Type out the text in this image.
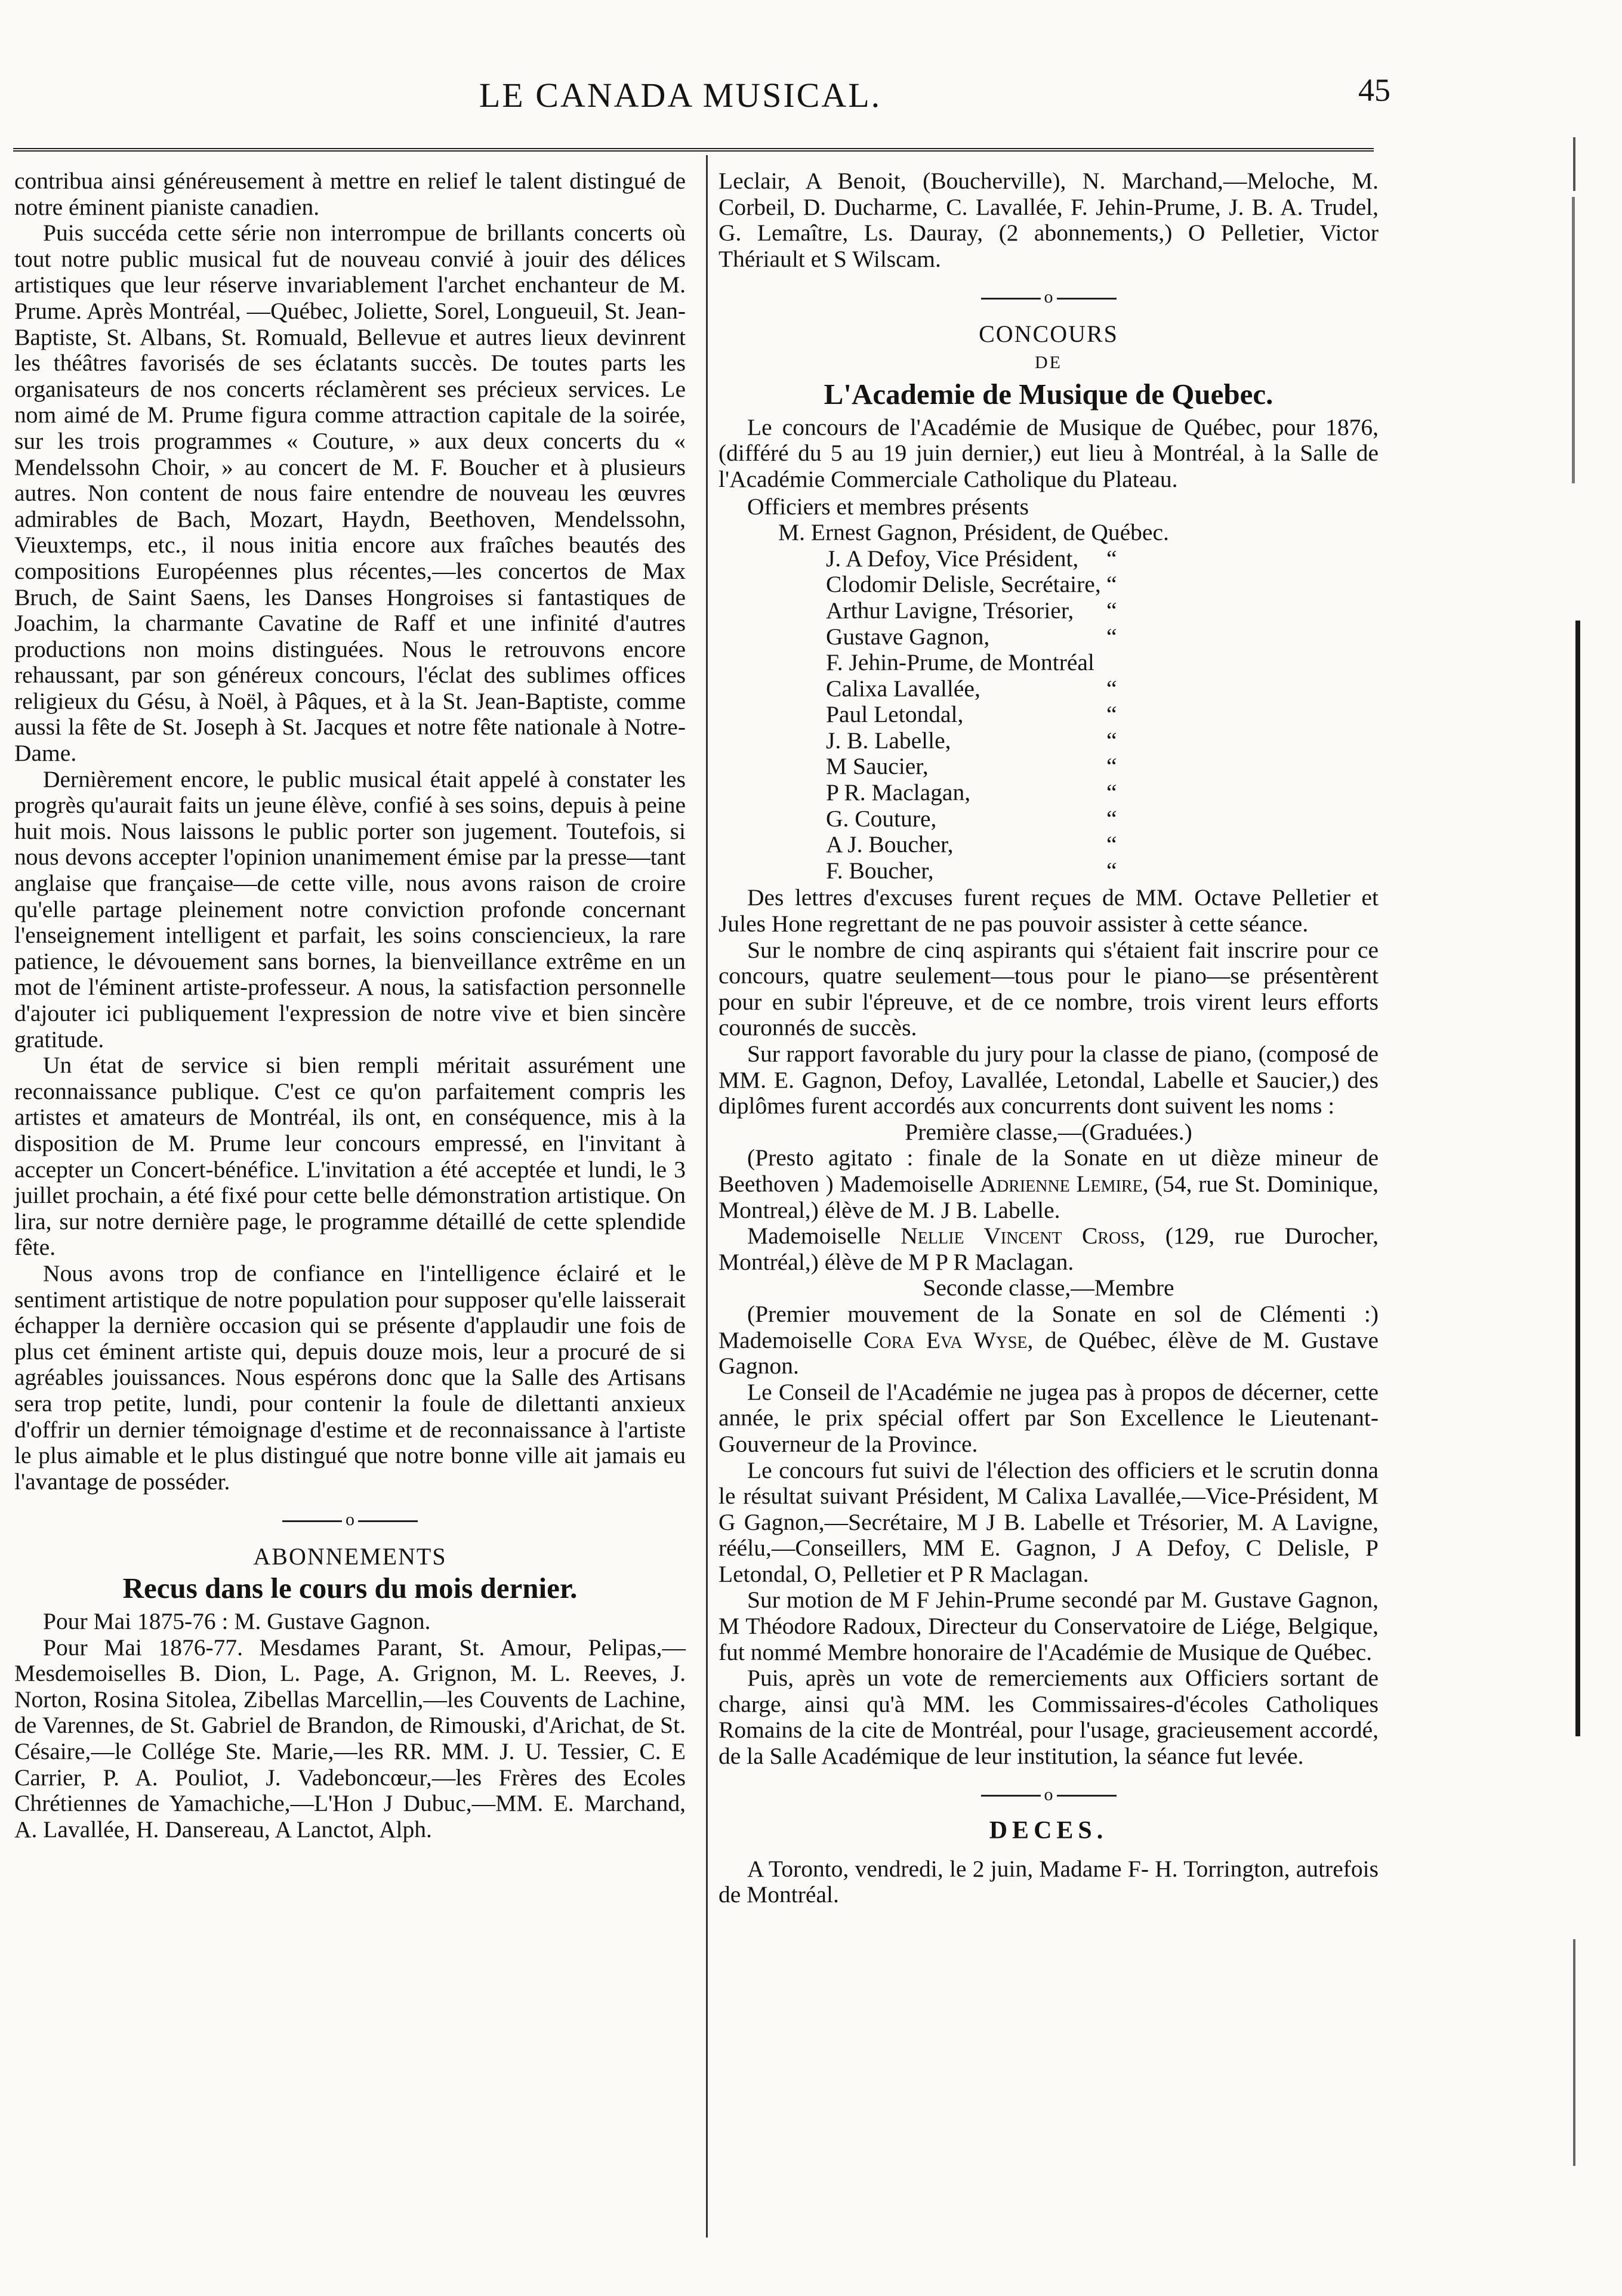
LE CANADA MUSICAL.	45

contribua ainsi généreusement à mettre en relief le talent distingué de notre éminent pianiste canadien.

Puis succéda cette série non interrompue de brillants concerts où tout notre public musical fut de nouveau convié à jouir des délices artistiques que leur réserve invariablement l'archet enchanteur de M. Prume. Après Montréal, —Québec, Joliette, Sorel, Longueuil, St. Jean-Baptiste, St. Albans, St. Romuald, Bellevue et autres lieux devinrent les théâtres favorisés de ses éclatants succès. De toutes parts les organisateurs de nos concerts réclamèrent ses précieux services. Le nom aimé de M. Prume figura comme attraction capitale de la soirée, sur les trois programmes « Couture, » aux deux concerts du « Mendelssohn Choir, » au concert de M. F. Boucher et à plusieurs autres. Non content de nous faire entendre de nouveau les œuvres admirables de Bach, Mozart, Haydn, Beethoven, Mendelssohn, Vieuxtemps, etc., il nous initia encore aux fraîches beautés des compositions Européennes plus récentes,—les concertos de Max Bruch, de Saint Saens, les Danses Hongroises si fantastiques de Joachim, la charmante Cavatine de Raff et une infinité d'autres productions non moins distinguées. Nous le retrouvons encore rehaussant, par son généreux concours, l'éclat des sublimes offices religieux du Gésu, à Noël, à Pâques, et à la St. Jean-Baptiste, comme aussi la fête de St. Joseph à St. Jacques et notre fête nationale à Notre-Dame.

Dernièrement encore, le public musical était appelé à constater les progrès qu'aurait faits un jeune élève, confié à ses soins, depuis à peine huit mois. Nous laissons le public porter son jugement. Toutefois, si nous devons accepter l'opinion unanimement émise par la presse—tant anglaise que française—de cette ville, nous avons raison de croire qu'elle partage pleinement notre conviction profonde concernant l'enseignement intelligent et parfait, les soins consciencieux, la rare patience, le dévouement sans bornes, la bienveillance extrême en un mot de l'éminent artiste-professeur. A nous, la satisfaction personnelle d'ajouter ici publiquement l'expression de notre vive et bien sincère gratitude.

Un état de service si bien rempli méritait assurément une reconnaissance publique. C'est ce qu'on parfaitement compris les artistes et amateurs de Montréal, ils ont, en conséquence, mis à la disposition de M. Prume leur concours empressé, en l'invitant à accepter un Concert-bénéfice. L'invitation a été acceptée et lundi, le 3 juillet prochain, a été fixé pour cette belle démonstration artistique. On lira, sur notre dernière page, le programme détaillé de cette splendide fête.

Nous avons trop de confiance en l'intelligence éclairé et le sentiment artistique de notre population pour supposer qu'elle laisserait échapper la dernière occasion qui se présente d'applaudir une fois de plus cet éminent artiste qui, depuis douze mois, leur a procuré de si agréables jouissances. Nous espérons donc que la Salle des Artisans sera trop petite, lundi, pour contenir la foule de dilettanti anxieux d'offrir un dernier témoignage d'estime et de reconnaissance à l'artiste le plus aimable et le plus distingué que notre bonne ville ait jamais eu l'avantage de posséder.

o
ABONNEMENTS
Recus dans le cours du mois dernier.

Pour Mai 1875-76 : M. Gustave Gagnon.

Pour Mai 1876-77. Mesdames Parant, St. Amour, Pelipas,—Mesdemoiselles B. Dion, L. Page, A. Grignon, M. L. Reeves, J. Norton, Rosina Sitolea, Zibellas Marcellin,—les Couvents de Lachine, de Varennes, de St. Gabriel de Brandon, de Rimouski, d'Arichat, de St. Césaire,—le Collége Ste. Marie,—les RR. MM. J. U. Tessier, C. E Carrier, P. A. Pouliot, J. Vadeboncœur,—les Frères des Ecoles Chrétiennes de Yamachiche,—L'Hon J Dubuc,—MM. E. Marchand, A. Lavallée, H. Dansereau, A Lanctot, Alph.

Leclair, A Benoit, (Boucherville), N. Marchand,—Meloche, M. Corbeil, D. Ducharme, C. Lavallée, F. Jehin-Prume, J. B. A. Trudel, G. Lemaître, Ls. Dauray, (2 abonnements,) O Pelletier, Victor Thériault et S Wilscam.

o
CONCOURS
DE
L'Academie de Musique de Quebec.

Le concours de l'Académie de Musique de Québec, pour 1876, (différé du 5 au 19 juin dernier,) eut lieu à Montréal, à la Salle de l'Académie Commerciale Catholique du Plateau.

Officiers et membres présents

M. Ernest Gagnon, Président, de Québec.
J. A Defoy, Vice Président,	“
Clodomir Delisle, Secrétaire, “
Arthur Lavigne, Trésorier,	“
Gustave Gagnon,	“
F. Jehin-Prume, de Montréal
Calixa Lavallée,	“
Paul Letondal,	“
J. B. Labelle,	“
M Saucier,	“
P R. Maclagan,	“
G. Couture,	“
A J. Boucher,	“
F. Boucher,	“

Des lettres d'excuses furent reçues de MM. Octave Pelletier et Jules Hone regrettant de ne pas pouvoir assister à cette séance.

Sur le nombre de cinq aspirants qui s'étaient fait inscrire pour ce concours, quatre seulement—tous pour le piano—se présentèrent pour en subir l'épreuve, et de ce nombre, trois virent leurs efforts couronnés de succès.

Sur rapport favorable du jury pour la classe de piano, (composé de MM. E. Gagnon, Defoy, Lavallée, Letondal, Labelle et Saucier,) des diplômes furent accordés aux concurrents dont suivent les noms :

Première classe,—(Graduées.)

(Presto agitato : finale de la Sonate en ut dièze mineur de Beethoven ) Mademoiselle Adrienne Lemire, (54, rue St. Dominique, Montreal,) élève de M. J B. Labelle.

Mademoiselle Nellie Vincent Cross, (129, rue Durocher, Montréal,) élève de M P R Maclagan.

Seconde classe,—Membre

(Premier mouvement de la Sonate en sol de Clémenti :) Mademoiselle Cora Eva Wyse, de Québec, élève de M. Gustave Gagnon.

Le Conseil de l'Académie ne jugea pas à propos de décerner, cette année, le prix spécial offert par Son Excellence le Lieutenant-Gouverneur de la Province.

Le concours fut suivi de l'élection des officiers et le scrutin donna le résultat suivant Président, M Calixa Lavallée,—Vice-Président, M G Gagnon,—Secrétaire, M J B. Labelle et Trésorier, M. A Lavigne, réélu,—Conseillers, MM E. Gagnon, J A Defoy, C Delisle, P Letondal, O, Pelletier et P R Maclagan.

Sur motion de M F Jehin-Prume secondé par M. Gustave Gagnon, M Théodore Radoux, Directeur du Conservatoire de Liége, Belgique, fut nommé Membre honoraire de l'Académie de Musique de Québec.

Puis, après un vote de remerciements aux Officiers sortant de charge, ainsi qu'à MM. les Commissaires-d'écoles Catholiques Romains de la cite de Montréal, pour l'usage, gracieusement accordé, de la Salle Académique de leur institution, la séance fut levée.

o
DECES.

A Toronto, vendredi, le 2 juin, Madame F- H. Torrington, autrefois de Montréal.
